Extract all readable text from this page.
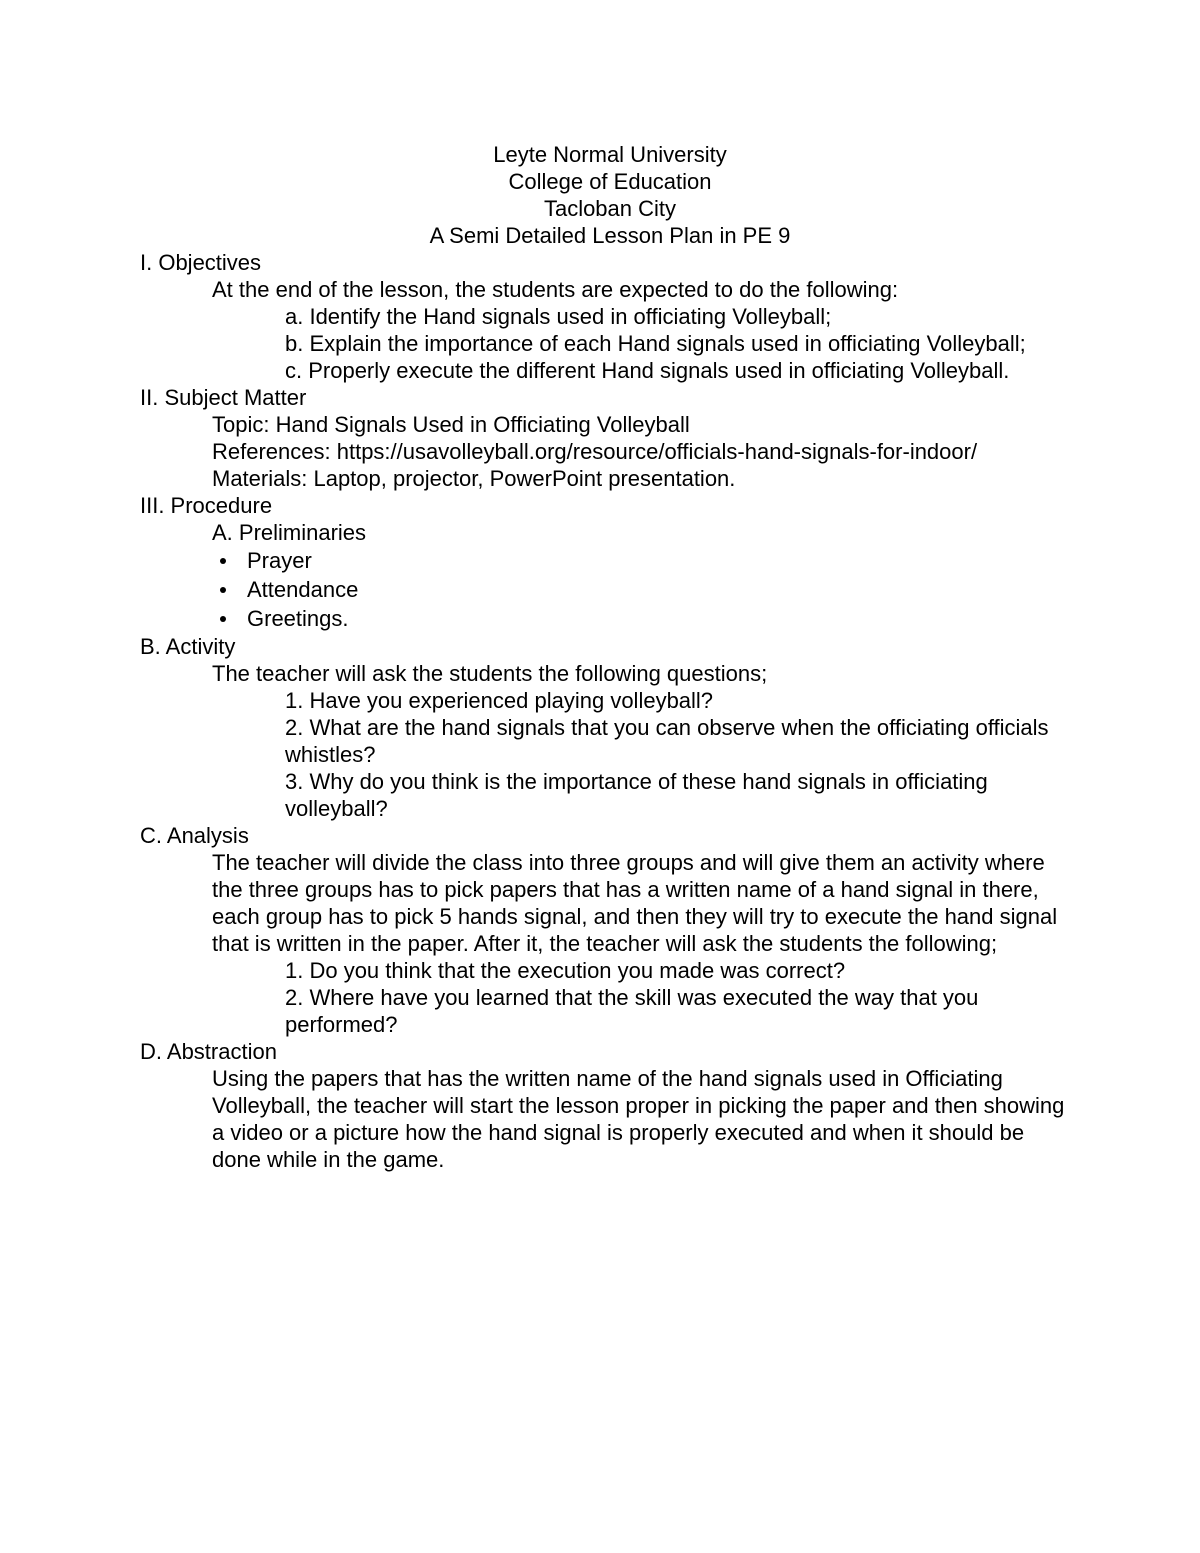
Leyte Normal University
College of Education
Tacloban City
A Semi Detailed Lesson Plan in PE 9
I. Objectives
At the end of the lesson, the students are expected to do the following:
a. Identify the Hand signals used in officiating Volleyball;
b. Explain the importance of each Hand signals used in officiating Volleyball;
c. Properly execute the different Hand signals used in officiating Volleyball.
II. Subject Matter
Topic: Hand Signals Used in Officiating Volleyball
References: https://usavolleyball.org/resource/officials-hand-signals-for-indoor/
Materials: Laptop, projector, PowerPoint presentation.
III. Procedure
A. Preliminaries
Prayer
Attendance
Greetings.
B. Activity
The teacher will ask the students the following questions;
1. Have you experienced playing volleyball?
2. What are the hand signals that you can observe when the officiating officials whistles?
3. Why do you think is the importance of these hand signals in officiating volleyball?
C. Analysis
The teacher will divide the class into three groups and will give them an activity where the three groups has to pick papers that has a written name of a hand signal in there, each group has to pick 5 hands signal, and then they will try to execute the hand signal that is written in the paper. After it, the teacher will ask the students the following;
1. Do you think that the execution you made was correct?
2. Where have you learned that the skill was executed the way that you performed?
D. Abstraction
Using the papers that has the written name of the hand signals used in Officiating Volleyball, the teacher will start the lesson proper in picking the paper and then showing a video or a picture how the hand signal is properly executed and when it should be done while in the game.
